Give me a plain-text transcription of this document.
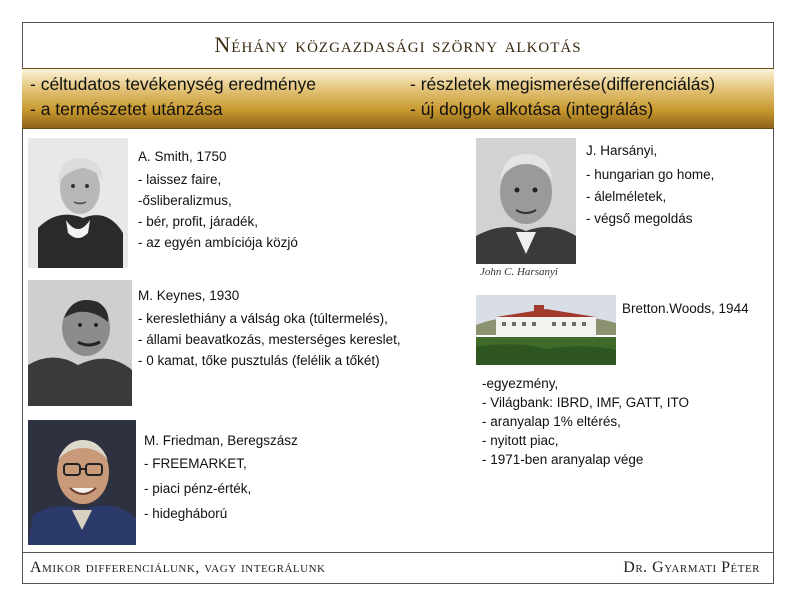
Néhány közgazdasági szörny alkotás
- céltudatos tevékenység eredménye
- a természetet utánzása
- részletek megismerése(differenciálás)
- új dolgok alkotása (integrálás)
A. Smith, 1750
- laissez faire,
-ősliberalizmus,
- bér, profit, járadék,
- az egyén ambíciója közjó
M. Keynes, 1930
- kereslethiány a válság oka (túltermelés),
- állami beavatkozás, mesterséges kereslet,
- 0 kamat, tőke pusztulás (felélik a tőkét)
M. Friedman, Beregszász
- FREEMARKET,
- piaci pénz-érték,
- hidegháború
John C. Harsanyi
J. Harsányi,
- hungarian go home,
- álelméletek,
- végső megoldás
Bretton.Woods, 1944
-egyezmény,
- Világbank: IBRD, IMF, GATT, ITO
- aranyalap 1% eltérés,
- nyitott piac,
- 1971-ben aranyalap vége
Amikor differenciálunk, vagy integrálunk	Dr. Gyarmati Péter
